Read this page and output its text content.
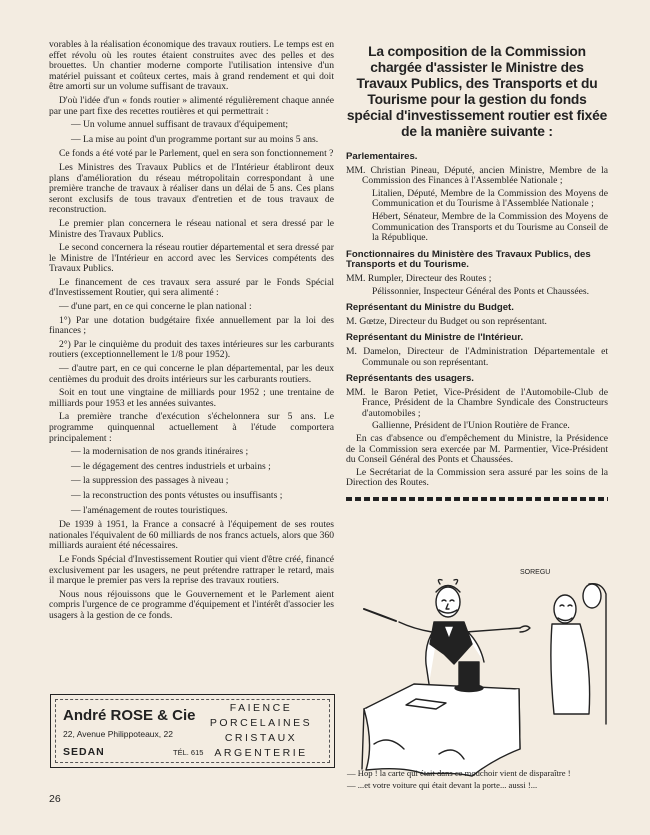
vorables à la réalisation économique des travaux routiers. Le temps est en effet révolu où les routes étaient construites avec des pelles et des brouettes. Un chantier moderne comporte l'utilisation intensive d'un matériel puissant et coûteux certes, mais à grand rendement et qui doit être amorti sur un volume suffisant de travaux.

D'où l'idée d'un « fonds routier » alimenté régulièrement chaque année par une part fixe des recettes routières et qui permettrait :

— Un volume annuel suffisant de travaux d'équipement;
— La mise au point d'un programme portant sur au moins 5 ans.

Ce fonds a été voté par le Parlement, quel en sera son fonctionnement ?

Les Ministres des Travaux Publics et de l'Intérieur établiront deux plans d'amélioration du réseau métropolitain correspondant à une première tranche de travaux à réaliser dans un délai de 5 ans. Ces plans seront exclusifs de tous travaux d'entretien et de tous travaux de reconstruction.

Le premier plan concernera le réseau national et sera dressé par le Ministre des Travaux Publics.

Le second concernera la réseau routier départemental et sera dressé par le Ministre de l'Intérieur en accord avec les Services compétents des Travaux Publics.

Le financement de ces travaux sera assuré par le Fonds Spécial d'Investissement Routier, qui sera alimenté :

— d'une part, en ce qui concerne le plan national :

1°) Par une dotation budgétaire fixée annuellement par la loi des finances ;

2°) Par le cinquième du produit des taxes intérieures sur les carburants routiers (exceptionnellement le 1/8 pour 1952).

— d'autre part, en ce qui concerne le plan départemental, par les deux centièmes du produit des droits intérieurs sur les carburants routiers.

Soit en tout une vingtaine de milliards pour 1952 ; une trentaine de milliards pour 1953 et les années suivantes.

La première tranche d'exécution s'échelonnera sur 5 ans. Le programme quinquennal actuellement à l'étude comportera principalement :

— la modernisation de nos grands itinéraires ;
— le dégagement des centres industriels et urbains ;
— la suppression des passages à niveau ;
— la reconstruction des ponts vétustes ou insuffisants ;
— l'aménagement de routes touristiques.

De 1939 à 1951, la France a consacré à l'équipement de ses routes nationales l'équivalent de 60 milliards de nos francs actuels, alors que 360 milliards auraient été nécessaires.

Le Fonds Spécial d'Investissement Routier qui vient d'être créé, financé exclusivement par les usagers, ne peut prétendre rattraper le retard, mais il marque le premier pas vers la reprise des travaux routiers.

Nous nous réjouissons que le Gouvernement et le Parlement aient compris l'urgence de ce programme d'équipement et l'intérêt d'associer les usagers à la gestion de ce fonds.

La composition de la Commission chargée d'assister le Ministre des Travaux Publics, des Transports et du Tourisme pour la gestion du fonds spécial d'investissement routier est fixée de la manière suivante :
Parlementaires.

MM. Christian Pineau, Député, ancien Ministre, Membre de la Commission des Finances à l'Assemblée Nationale ;

Litalien, Député, Membre de la Commission des Moyens de Communication et du Tourisme à l'Assemblée Nationale ;

Hébert, Sénateur, Membre de la Commission des Moyens de Communication des Transports et du Tourisme au Conseil de la République.

Fonctionnaires du Ministère des Travaux Publics, des Transports et du Tourisme.

MM. Rumpler, Directeur des Routes ;

Pélissonnier, Inspecteur Général des Ponts et Chaussées.

Représentant du Ministre du Budget.

M. Gœtze, Directeur du Budget ou son représentant.

Représentant du Ministre de l'Intérieur.

M. Damelon, Directeur de l'Administration Départementale et Communale ou son représentant.

Représentants des usagers.

MM. le Baron Petiet, Vice-Président de l'Automobile-Club de France, Président de la Chambre Syndicale des Constructeurs d'automobiles ;

Gallienne, Président de l'Union Routière de France.

En cas d'absence ou d'empêchement du Ministre, la Présidence de la Commission sera exercée par M. Parmentier, Vice-Président du Conseil Général des Ponts et Chaussées.

Le Secrétariat de la Commission sera assuré par les soins de la Direction des Routes.

André ROSE & Cie
22, Avenue Philippoteaux, 22
SEDAN	TÉL. 615
FAIENCE
PORCELAINES
CRISTAUX
ARGENTERIE
SOREGU

— Hop ! la carte qui était dans ce mouchoir vient de disparaître !

— ...et votre voiture qui était devant la porte... aussi !...

26
